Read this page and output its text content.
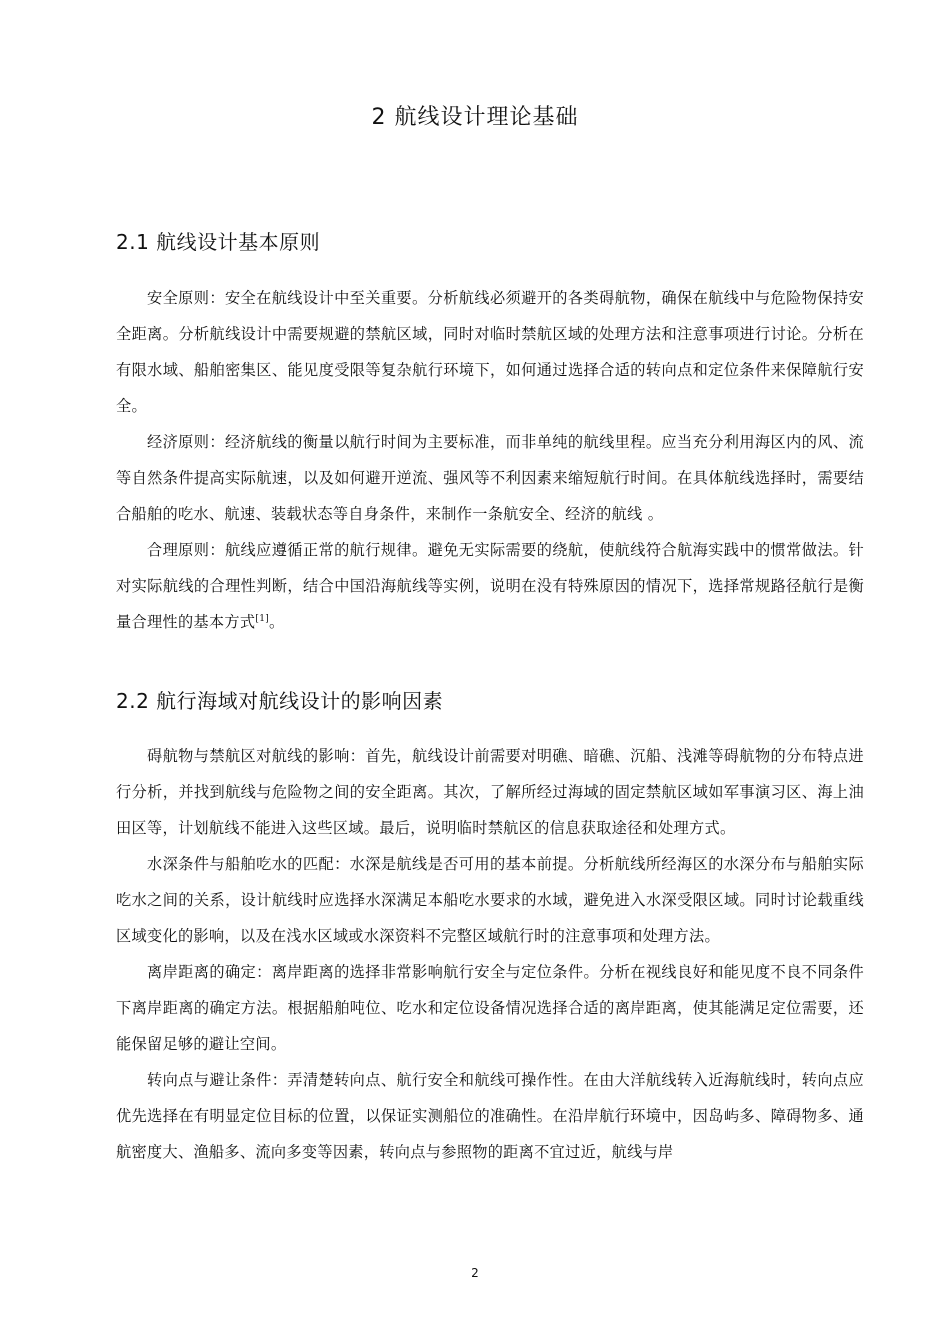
2 航线设计理论基础
2.1 航线设计基本原则

安全原则：安全在航线设计中至关重要。分析航线必须避开的各类碍航物，确保在航线中与危险物保持安全距离。分析航线设计中需要规避的禁航区域，同时对临时禁航区域的处理方法和注意事项进行讨论。分析在有限水域、船舶密集区、能见度受限等复杂航行环境下，如何通过选择合适的转向点和定位条件来保障航行安全。

经济原则：经济航线的衡量以航行时间为主要标准，而非单纯的航线里程。应当充分利用海区内的风、流等自然条件提高实际航速，以及如何避开逆流、强风等不利因素来缩短航行时间。在具体航线选择时，需要结合船舶的吃水、航速、装载状态等自身条件，来制作一条航安全、经济的航线 。

合理原则：航线应遵循正常的航行规律。避免无实际需要的绕航，使航线符合航海实践中的惯常做法。针对实际航线的合理性判断，结合中国沿海航线等实例，说明在没有特殊原因的情况下，选择常规路径航行是衡量合理性的基本方式[1]。

2.2 航行海域对航线设计的影响因素

碍航物与禁航区对航线的影响：首先，航线设计前需要对明礁、暗礁、沉船、浅滩等碍航物的分布特点进行分析，并找到航线与危险物之间的安全距离。其次，了解所经过海域的固定禁航区域如军事演习区、海上油田区等，计划航线不能进入这些区域。最后，说明临时禁航区的信息获取途径和处理方式。

水深条件与船舶吃水的匹配：水深是航线是否可用的基本前提。分析航线所经海区的水深分布与船舶实际吃水之间的关系，设计航线时应选择水深满足本船吃水要求的水域，避免进入水深受限区域。同时讨论载重线区域变化的影响，以及在浅水区域或水深资料不完整区域航行时的注意事项和处理方法。

离岸距离的确定：离岸距离的选择非常影响航行安全与定位条件。分析在视线良好和能见度不良不同条件下离岸距离的确定方法。根据船舶吨位、吃水和定位设备情况选择合适的离岸距离，使其能满足定位需要，还能保留足够的避让空间。

转向点与避让条件：弄清楚转向点、航行安全和航线可操作性。在由大洋航线转入近海航线时，转向点应优先选择在有明显定位目标的位置，以保证实测船位的准确性。在沿岸航行环境中，因岛屿多、障碍物多、通航密度大、渔船多、流向多变等因素，转向点与参照物的距离不宜过近，航线与岸

2
